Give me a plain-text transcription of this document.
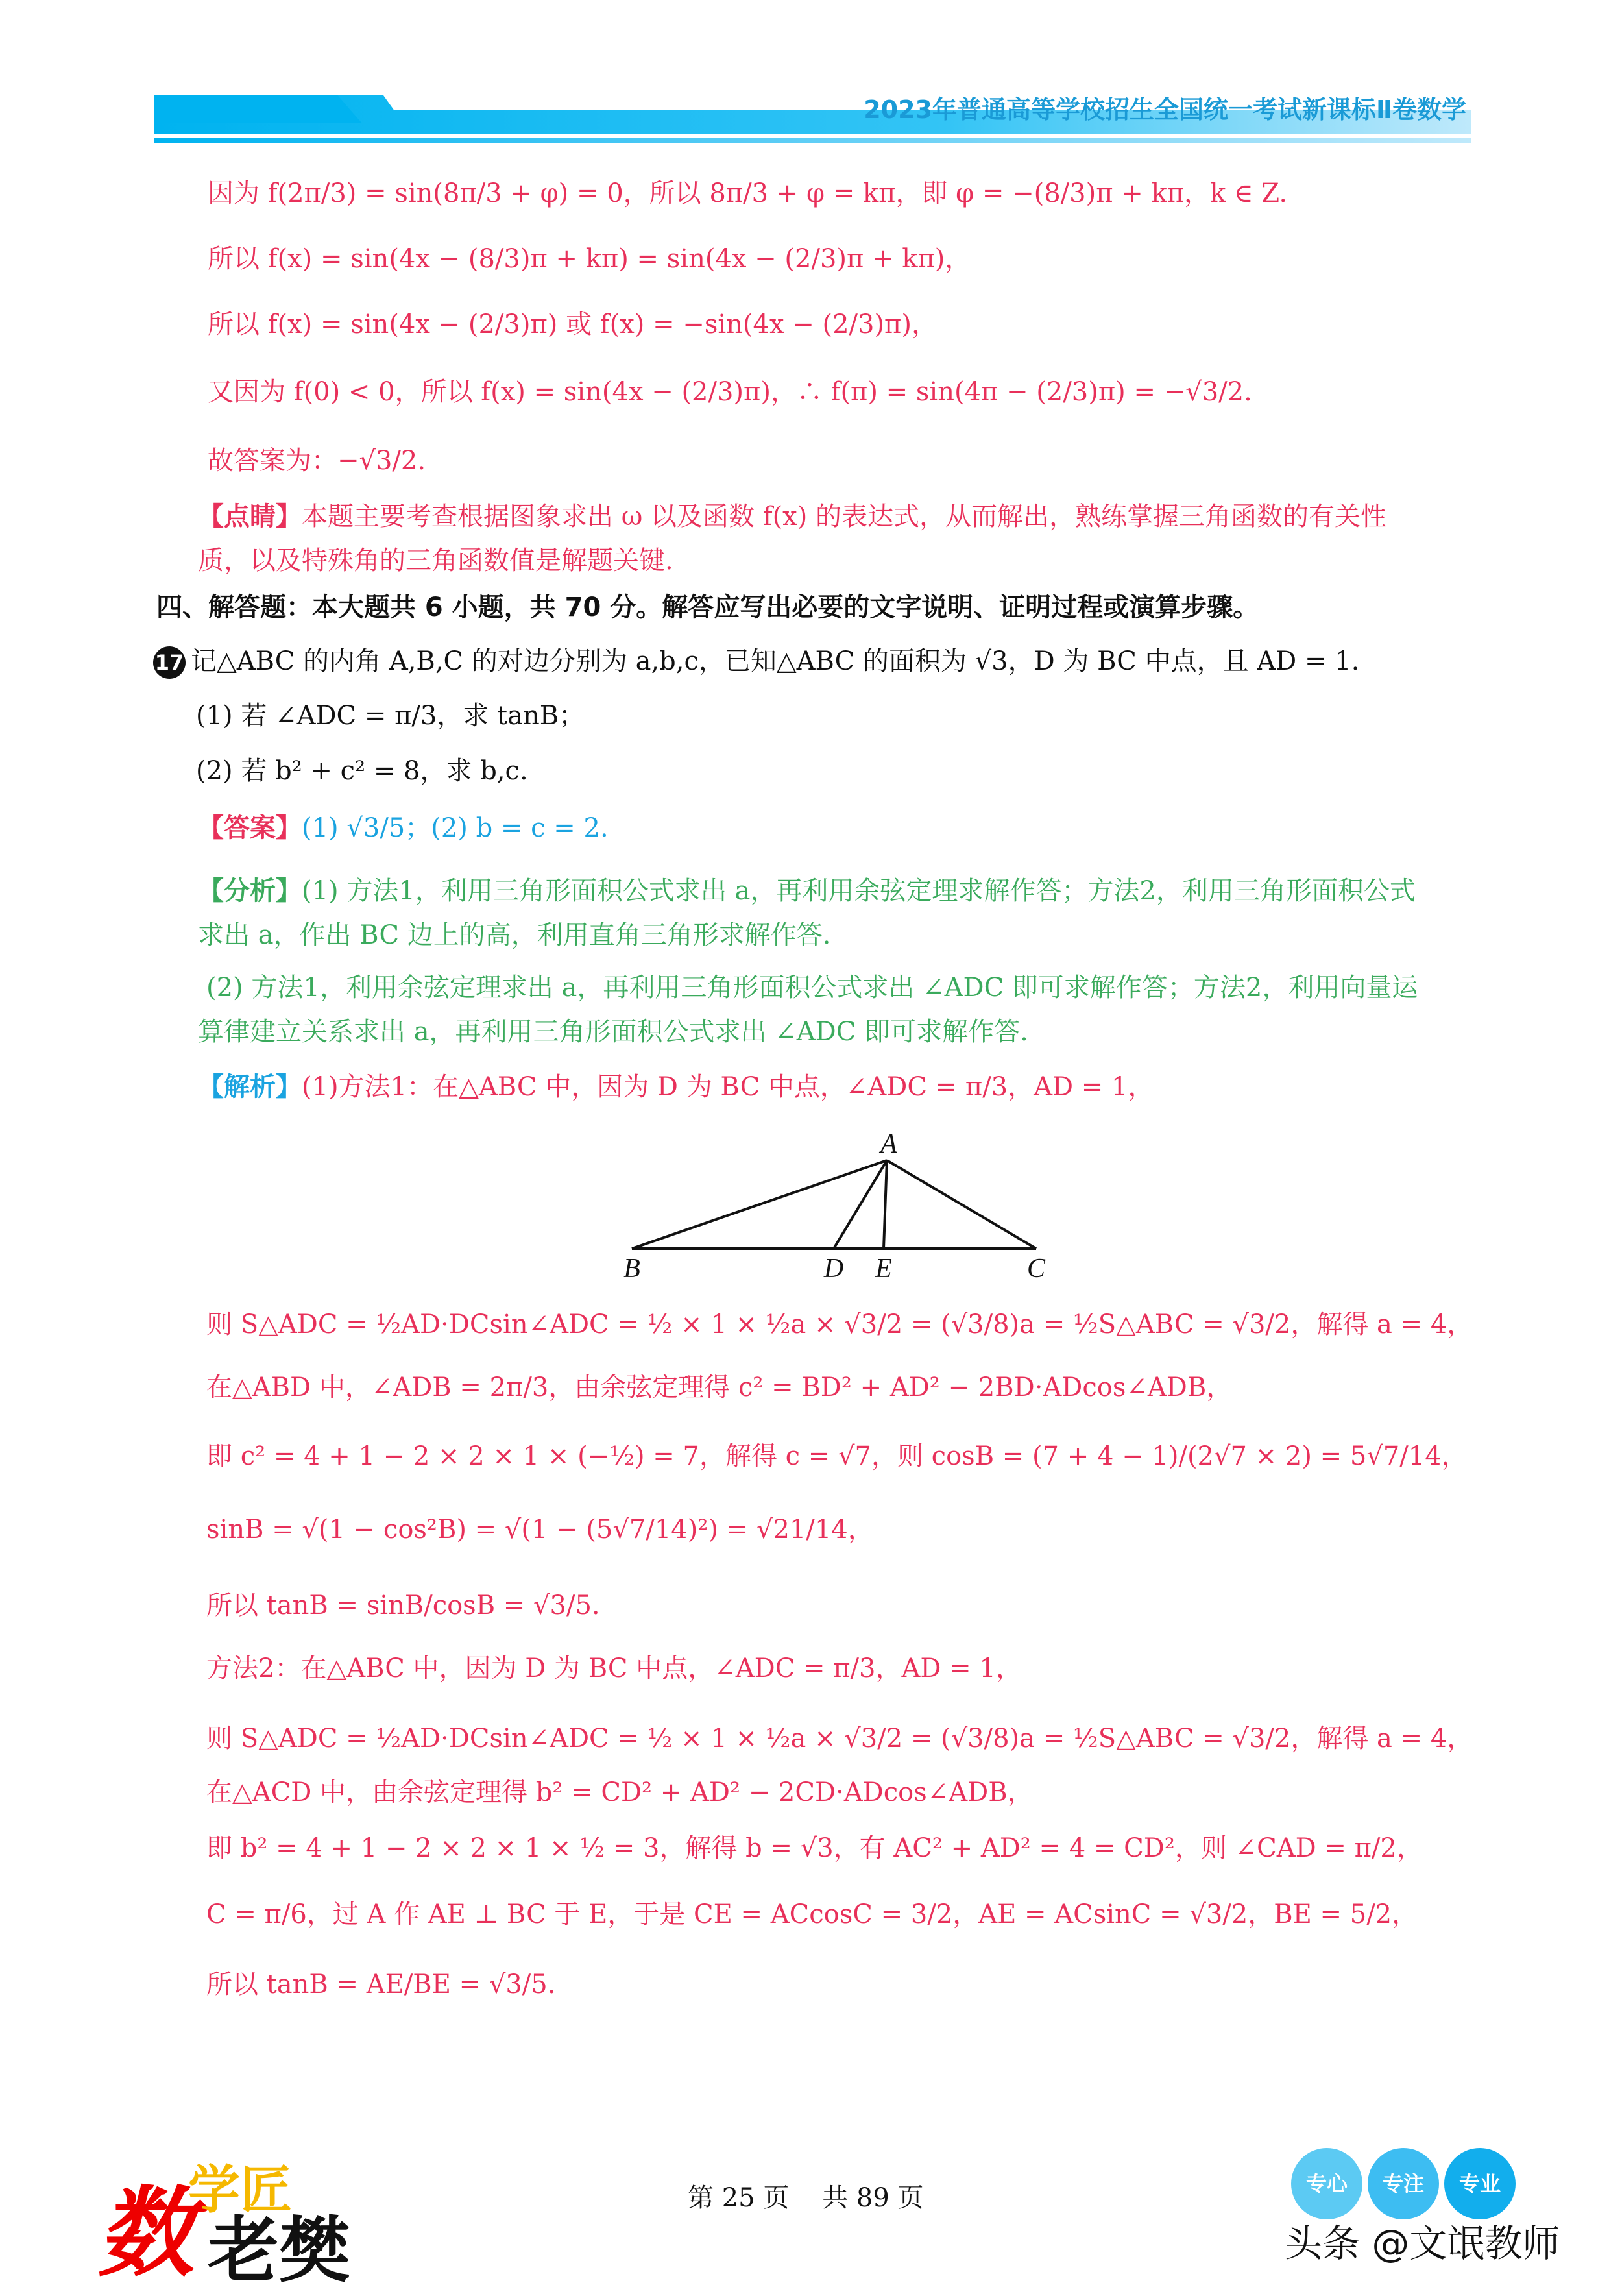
2023年普通高等学校招生全国统一考试新课标Ⅱ卷数学
因为 f(2π/3) = sin(8π/3 + φ) = 0，所以 8π/3 + φ = kπ，即 φ = −(8/3)π + kπ，k ∈ Z.
所以 f(x) = sin(4x − (8/3)π + kπ) = sin(4x − (2/3)π + kπ)，
所以 f(x) = sin(4x − (2/3)π) 或 f(x) = −sin(4x − (2/3)π)，
又因为 f(0) < 0，所以 f(x) = sin(4x − (2/3)π)，∴ f(π) = sin(4π − (2/3)π) = −√3/2.
故答案为：−√3/2.
【点睛】本题主要考查根据图象求出 ω 以及函数 f(x) 的表达式，从而解出，熟练掌握三角函数的有关性
质，以及特殊角的三角函数值是解题关键.
四、解答题：本大题共 6 小题，共 70 分。解答应写出必要的文字说明、证明过程或演算步骤。
17 记△ABC 的内角 A,B,C 的对边分别为 a,b,c，已知△ABC 的面积为 √3，D 为 BC 中点，且 AD = 1.
(1) 若 ∠ADC = π/3，求 tanB；
(2) 若 b² + c² = 8，求 b,c.
【答案】(1) √3/5；(2) b = c = 2.
【分析】(1) 方法1，利用三角形面积公式求出 a，再利用余弦定理求解作答；方法2，利用三角形面积公式
求出 a，作出 BC 边上的高，利用直角三角形求解作答.
(2) 方法1，利用余弦定理求出 a，再利用三角形面积公式求出 ∠ADC 即可求解作答；方法2，利用向量运
算律建立关系求出 a，再利用三角形面积公式求出 ∠ADC 即可求解作答.
【解析】(1)方法1：在△ABC 中，因为 D 为 BC 中点，∠ADC = π/3，AD = 1，
A
B	D E	C
则 S△ADC = ½AD·DCsin∠ADC = ½ × 1 × ½a × √3/2 = (√3/8)a = ½S△ABC = √3/2，解得 a = 4，
在△ABD 中，∠ADB = 2π/3，由余弦定理得 c² = BD² + AD² − 2BD·ADcos∠ADB，
即 c² = 4 + 1 − 2 × 2 × 1 × (−½) = 7，解得 c = √7，则 cosB = (7 + 4 − 1)/(2√7 × 2) = 5√7/14，
sinB = √(1 − cos²B) = √(1 − (5√7/14)²) = √21/14，
所以 tanB = sinB/cosB = √3/5.
方法2：在△ABC 中，因为 D 为 BC 中点，∠ADC = π/3，AD = 1，
则 S△ADC = ½AD·DCsin∠ADC = ½ × 1 × ½a × √3/2 = (√3/8)a = ½S△ABC = √3/2，解得 a = 4，
在△ACD 中，由余弦定理得 b² = CD² + AD² − 2CD·ADcos∠ADB，
即 b² = 4 + 1 − 2 × 2 × 1 × ½ = 3，解得 b = √3，有 AC² + AD² = 4 = CD²，则 ∠CAD = π/2，
C = π/6，过 A 作 AE ⊥ BC 于 E，于是 CE = ACcosC = 3/2，AE = ACsinC = √3/2，BE = 5/2，
所以 tanB = AE/BE = √3/5.
数
学匠
老樊
第 25 页 共 89 页	专心	专注	专业
头条 @文氓教师
